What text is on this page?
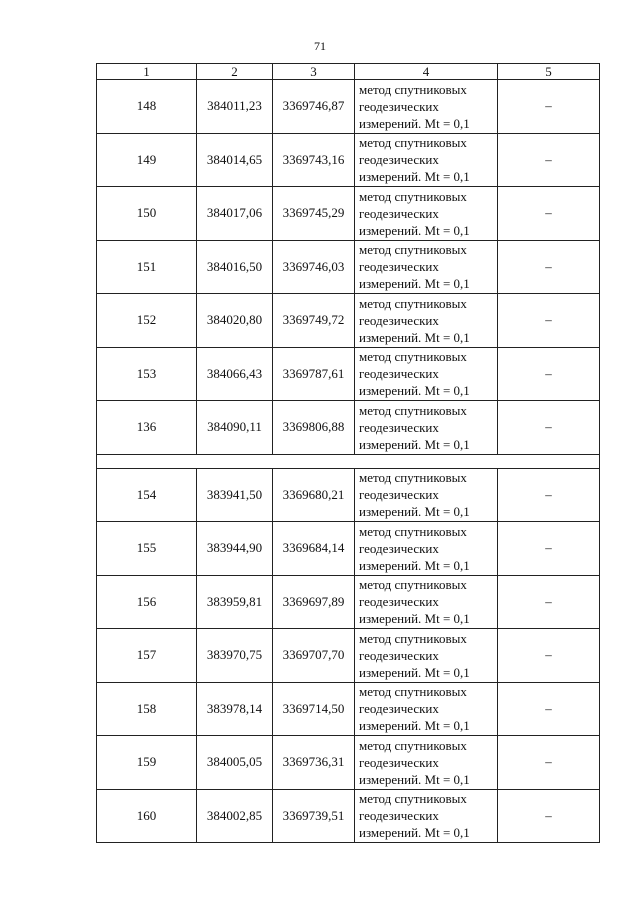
71
1	2	3	4	5
148	384011,23	3369746,87	метод спутниковых
геодезических
измерений. Mt = 0,1	–
149	384014,65	3369743,16	метод спутниковых
геодезических
измерений. Mt = 0,1	–
150	384017,06	3369745,29	метод спутниковых
геодезических
измерений. Mt = 0,1	–
151	384016,50	3369746,03	метод спутниковых
геодезических
измерений. Mt = 0,1	–
152	384020,80	3369749,72	метод спутниковых
геодезических
измерений. Mt = 0,1	–
153	384066,43	3369787,61	метод спутниковых
геодезических
измерений. Mt = 0,1	–
136	384090,11	3369806,88	метод спутниковых
геодезических
измерений. Mt = 0,1	–

154	383941,50	3369680,21	метод спутниковых
геодезических
измерений. Mt = 0,1	–
155	383944,90	3369684,14	метод спутниковых
геодезических
измерений. Mt = 0,1	–
156	383959,81	3369697,89	метод спутниковых
геодезических
измерений. Mt = 0,1	–
157	383970,75	3369707,70	метод спутниковых
геодезических
измерений. Mt = 0,1	–
158	383978,14	3369714,50	метод спутниковых
геодезических
измерений. Mt = 0,1	–
159	384005,05	3369736,31	метод спутниковых
геодезических
измерений. Mt = 0,1	–
160	384002,85	3369739,51	метод спутниковых
геодезических
измерений. Mt = 0,1	–
